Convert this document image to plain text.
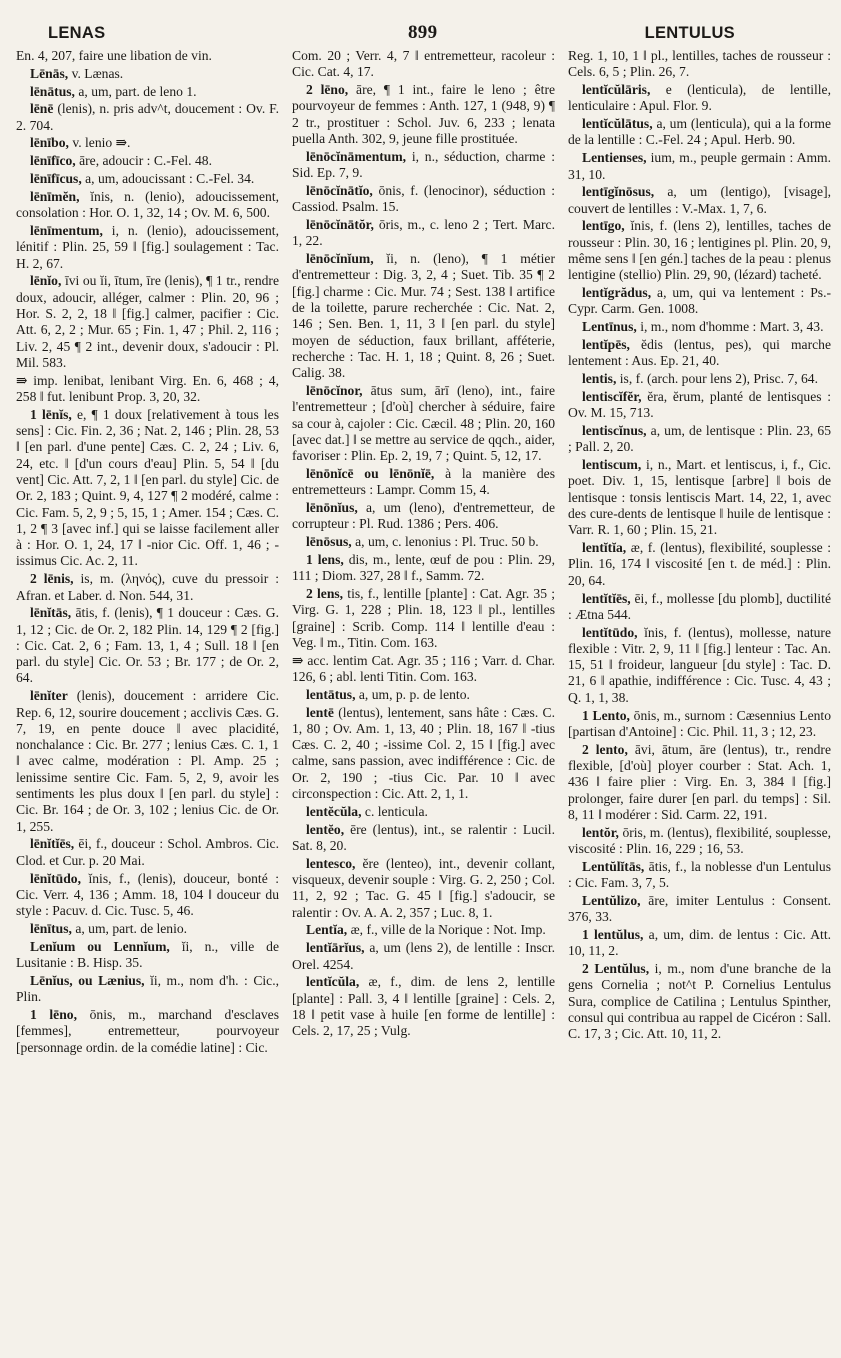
LENAS	899	LENTULUS

En. 4, 207, faire une libation de vin.

Lēnās, v. Lænas.

lēnātus, a, um, part. de leno 1.

lēnē (lenis), n. pris adv^t, doucement : Ov. F. 2. 704.

lēnībo, v. lenio ⇛.

lēnīfīco, āre, adoucir : C.-Fel. 48.

lēnīfīcus, a, um, adoucissant : C.-Fel. 34.

lēnīmĕn, ĭnis, n. (lenio), adoucissement, consolation : Hor. O. 1, 32, 14 ; Ov. M. 6, 500.

lēnīmentum, i, n. (lenio), adoucissement, lénitif : Plin. 25, 59 ‖ [fig.] soulagement : Tac. H. 2, 67.

lēnĭo, īvi ou ĭi, ītum, īre (lenis), ¶ 1 tr., rendre doux, adoucir, alléger, calmer : Plin. 20, 96 ; Hor. S. 2, 2, 18 ‖ [fig.] calmer, pacifier : Cic. Att. 6, 2, 2 ; Mur. 65 ; Fin. 1, 47 ; Phil. 2, 116 ; Liv. 2, 45 ¶ 2 int., devenir doux, s'adoucir : Pl. Mil. 583.

⇛ imp. lenibat, lenibant Virg. En. 6, 468 ; 4, 258 ‖ fut. lenibunt Prop. 3, 20, 32.

1 lēnĭs, e, ¶ 1 doux [relativement à tous les sens] : Cic. Fin. 2, 36 ; Nat. 2, 146 ; Plin. 28, 53 ‖ [en parl. d'une pente] Cæs. C. 2, 24 ; Liv. 6, 24, etc. ‖ [d'un cours d'eau] Plin. 5, 54 ‖ [du vent] Cic. Att. 7, 2, 1 ‖ [en parl. du style] Cic. de Or. 2, 183 ; Quint. 9, 4, 127 ¶ 2 modéré, calme : Cic. Fam. 5, 2, 9 ; 5, 15, 1 ; Amer. 154 ; Cæs. C. 1, 2 ¶ 3 [avec inf.] qui se laisse facilement aller à : Hor. O. 1, 24, 17 ‖ -nior Cic. Off. 1, 46 ; -issimus Cic. Ac. 2, 11.

2 lēnis, is, m. (ληνός), cuve du pressoir : Afran. et Laber. d. Non. 544, 31.

lēnĭtās, ātis, f. (lenis), ¶ 1 douceur : Cæs. G. 1, 12 ; Cic. de Or. 2, 182 Plin. 14, 129 ¶ 2 [fig.] : Cic. Cat. 2, 6 ; Fam. 13, 1, 4 ; Sull. 18 ‖ [en parl. du style] Cic. Or. 53 ; Br. 177 ; de Or. 2, 64.

lēnĭter (lenis), doucement : arridere Cic. Rep. 6, 12, sourire doucement ; acclivis Cæs. G. 7, 19, en pente douce ‖ avec placidité, nonchalance : Cic. Br. 277 ; lenius Cæs. C. 1, 1 ‖ avec calme, modération : Pl. Amp. 25 ; lenissime sentire Cic. Fam. 5, 2, 9, avoir les sentiments les plus doux ‖ [en parl. du style] : Cic. Br. 164 ; de Or. 3, 102 ; lenius Cic. de Or. 1, 255.

lēnĭtĭēs, ēi, f., douceur : Schol. Ambros. Cic. Clod. et Cur. p. 20 Mai.

lēnĭtūdo, ĭnis, f., (lenis), douceur, bonté : Cic. Verr. 4, 136 ; Amm. 18, 104 ‖ douceur du style : Pacuv. d. Cic. Tusc. 5, 46.

lēnītus, a, um, part. de lenio.

Lenĭum ou Lennĭum, ĭi, n., ville de Lusitanie : B. Hisp. 35.

Lēnĭus, ou Lænius, ĭi, m., nom d'h. : Cic., Plin.

1 lēno, ōnis, m., marchand d'esclaves [femmes], entremetteur, pourvoyeur [personnage ordin. de la comédie latine] : Cic.

Com. 20 ; Verr. 4, 7 ‖ entremetteur, racoleur : Cic. Cat. 4, 17.

2 lēno, āre, ¶ 1 int., faire le leno ; être pourvoyeur de femmes : Anth. 127, 1 (948, 9) ¶ 2 tr., prostituer : Schol. Juv. 6, 233 ; lenata puella Anth. 302, 9, jeune fille prostituée.

lēnōcĭnāmentum, i, n., séduction, charme : Sid. Ep. 7, 9.

lēnōcĭnātĭo, ōnis, f. (lenocinor), séduction : Cassiod. Psalm. 15.

lēnōcĭnātŏr, ōris, m., c. leno 2 ; Tert. Marc. 1, 22.

lēnōcĭnĭum, ĭi, n. (leno), ¶ 1 métier d'entremetteur : Dig. 3, 2, 4 ; Suet. Tib. 35 ¶ 2 [fig.] charme : Cic. Mur. 74 ; Sest. 138 ‖ artifice de la toilette, parure recherchée : Cic. Nat. 2, 146 ; Sen. Ben. 1, 11, 3 ‖ [en parl. du style] moyen de séduction, faux brillant, afféterie, recherche : Tac. H. 1, 18 ; Quint. 8, 26 ; Suet. Calig. 38.

lēnōcĭnor, ātus sum, ārī (leno), int., faire l'entremetteur ; [d'où] chercher à séduire, faire sa cour à, cajoler : Cic. Cæcil. 48 ; Plin. 20, 160 [avec dat.] ‖ se mettre au service de qqch., aider, favoriser : Plin. Ep. 2, 19, 7 ; Quint. 5, 12, 17.

lēnōnĭcē ou lēnōnĭē, à la manière des entremetteurs : Lampr. Comm 15, 4.

lēnōnĭus, a, um (leno), d'entremetteur, de corrupteur : Pl. Rud. 1386 ; Pers. 406.

lēnōsus, a, um, c. lenonius : Pl. Truc. 50 b.

1 lens, dis, m., lente, œuf de pou : Plin. 29, 111 ; Diom. 327, 28 ‖ f., Samm. 72.

2 lens, tis, f., lentille [plante] : Cat. Agr. 35 ; Virg. G. 1, 228 ; Plin. 18, 123 ‖ pl., lentilles [graine] : Scrib. Comp. 114 ‖ lentille d'eau : Veg. ‖ m., Titin. Com. 163.

⇛ acc. lentim Cat. Agr. 35 ; 116 ; Varr. d. Char. 126, 6 ; abl. lenti Titin. Com. 163.

lentātus, a, um, p. p. de lento.

lentē (lentus), lentement, sans hâte : Cæs. C. 1, 80 ; Ov. Am. 1, 13, 40 ; Plin. 18, 167 ‖ -tius Cæs. C. 2, 40 ; -issime Col. 2, 15 ‖ [fig.] avec calme, sans passion, avec indifférence : Cic. de Or. 2, 190 ; -tius Cic. Par. 10 ‖ avec circonspection : Cic. Att. 2, 1, 1.

lentĕcŭla, c. lenticula.

lentĕo, ēre (lentus), int., se ralentir : Lucil. Sat. 8, 20.

lentesco, ĕre (lenteo), int., devenir collant, visqueux, devenir souple : Virg. G. 2, 250 ; Col. 11, 2, 92 ; Tac. G. 45 ‖ [fig.] s'adoucir, se ralentir : Ov. A. A. 2, 357 ; Luc. 8, 1.

Lentĭa, æ, f., ville de la Norique : Not. Imp.

lentĭārĭus, a, um (lens 2), de lentille : Inscr. Orel. 4254.

lentĭcŭla, æ, f., dim. de lens 2, lentille [plante] : Pall. 3, 4 ‖ lentille [graine] : Cels. 2, 18 ‖ petit vase à huile [en forme de lentille] : Cels. 2, 17, 25 ; Vulg.

Reg. 1, 10, 1 ‖ pl., lentilles, taches de rousseur : Cels. 6, 5 ; Plin. 26, 7.

lentĭcŭlāris, e (lenticula), de lentille, lenticulaire : Apul. Flor. 9.

lentĭcŭlātus, a, um (lenticula), qui a la forme de la lentille : C.-Fel. 24 ; Apul. Herb. 90.

Lentienses, ium, m., peuple germain : Amm. 31, 10.

lentīgĭnōsus, a, um (lentigo), [visage], couvert de lentilles : V.-Max. 1, 7, 6.

lentīgo, ĭnis, f. (lens 2), lentilles, taches de rousseur : Plin. 30, 16 ; lentigines pl. Plin. 20, 9, même sens ‖ [en gén.] taches de la peau : plenus lentigine (stellio) Plin. 29, 90, (lézard) tacheté.

lentĭgrădus, a, um, qui va lentement : Ps.-Cypr. Carm. Gen. 1008.

Lentīnus, i, m., nom d'homme : Mart. 3, 43.

lentĭpēs, ĕdis (lentus, pes), qui marche lentement : Aus. Ep. 21, 40.

lentis, is, f. (arch. pour lens 2), Prisc. 7, 64.

lentiscĭfĕr, ĕra, ĕrum, planté de lentisques : Ov. M. 15, 713.

lentiscĭnus, a, um, de lentisque : Plin. 23, 65 ; Pall. 2, 20.

lentiscum, i, n., Mart. et lentiscus, i, f., Cic. poet. Div. 1, 15, lentisque [arbre] ‖ bois de lentisque : tonsis lentiscis Mart. 14, 22, 1, avec des cure-dents de lentisque ‖ huile de lentisque : Varr. R. 1, 60 ; Plin. 15, 21.

lentĭtĭa, æ, f. (lentus), flexibilité, souplesse : Plin. 16, 174 ‖ viscosité [en t. de méd.] : Plin. 20, 64.

lentĭtĭēs, ēi, f., mollesse [du plomb], ductilité : Ætna 544.

lentĭtūdo, ĭnis, f. (lentus), mollesse, nature flexible : Vitr. 2, 9, 11 ‖ [fig.] lenteur : Tac. An. 15, 51 ‖ froideur, langueur [du style] : Tac. D. 21, 6 ‖ apathie, indifférence : Cic. Tusc. 4, 43 ; Q. 1, 1, 38.

1 Lento, ōnis, m., surnom : Cæsennius Lento [partisan d'Antoine] : Cic. Phil. 11, 3 ; 12, 23.

2 lento, āvi, ātum, āre (lentus), tr., rendre flexible, [d'où] ployer courber : Stat. Ach. 1, 436 ‖ faire plier : Virg. En. 3, 384 ‖ [fig.] prolonger, faire durer [en parl. du temps] : Sil. 8, 11 ‖ modérer : Sid. Carm. 22, 191.

lentŏr, ōris, m. (lentus), flexibilité, souplesse, viscosité : Plin. 16, 229 ; 16, 53.

Lentŭlĭtās, ātis, f., la noblesse d'un Lentulus : Cic. Fam. 3, 7, 5.

Lentŭlizo, āre, imiter Lentulus : Consent. 376, 33.

1 lentŭlus, a, um, dim. de lentus : Cic. Att. 10, 11, 2.

2 Lentŭlus, i, m., nom d'une branche de la gens Cornelia ; not^t P. Cornelius Lentulus Sura, complice de Catilina ; Lentulus Spinther, consul qui contribua au rappel de Cicéron : Sall. C. 17, 3 ; Cic. Att. 10, 11, 2.
